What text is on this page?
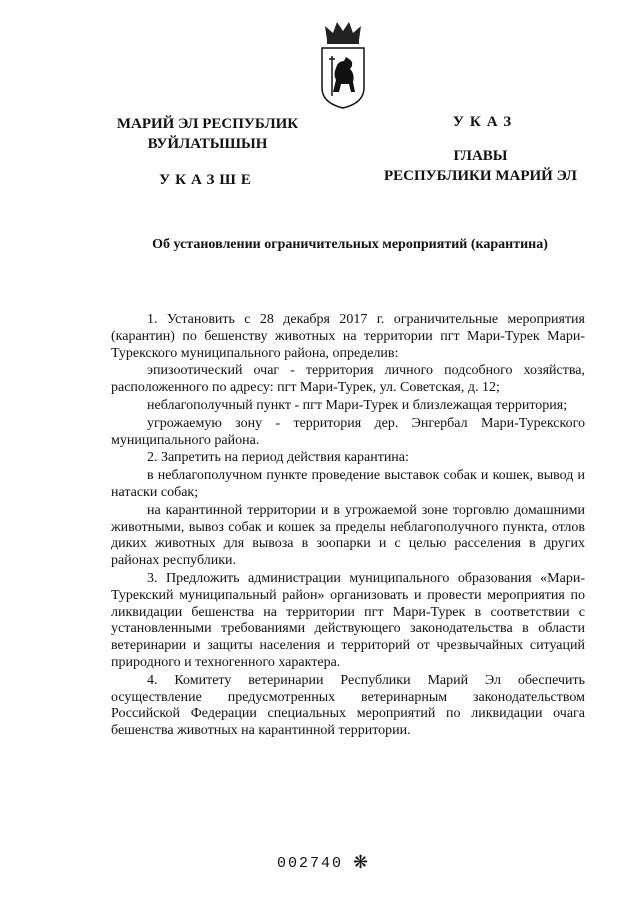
МАРИЙ ЭЛ РЕСПУБЛИК
ВУЙЛАТЫШЫН
УКАЗШЕ
УКАЗ
ГЛАВЫ
РЕСПУБЛИКИ МАРИЙ ЭЛ
Об установлении ограничительных мероприятий (карантина)

1. Установить с 28 декабря 2017 г. ограничительные мероприятия (карантин) по бешенству животных на территории пгт Мари-Турек Мари-Турекского муниципального района, определив:

эпизоотический очаг - территория личного подсобного хозяйства, расположенного по адресу: пгт Мари-Турек, ул. Советская, д. 12;

неблагополучный пункт - пгт Мари-Турек и близлежащая территория;

угрожаемую зону - территория дер. Энгербал Мари-Турекского муниципального района.

2. Запретить на период действия карантина:

в неблагополучном пункте проведение выставок собак и кошек, вывод и натаски собак;

на карантинной территории и в угрожаемой зоне торговлю домашними животными, вывоз собак и кошек за пределы неблагополучного пункта, отлов диких животных для вывоза в зоопарки и с целью расселения в других районах республики.

3. Предложить администрации муниципального образования «Мари-Турекский муниципальный район» организовать и провести мероприятия по ликвидации бешенства на территории пгт Мари-Турек в соответствии с установленными требованиями действующего законодательства в области ветеринарии и защиты населения и территорий от чрезвычайных ситуаций природного и техногенного характера.

4. Комитету ветеринарии Республики Марий Эл обеспечить осуществление предусмотренных ветеринарным законодательством Российской Федерации специальных мероприятий по ликвидации очага бешенства животных на карантинной территории.

002740 ❋
